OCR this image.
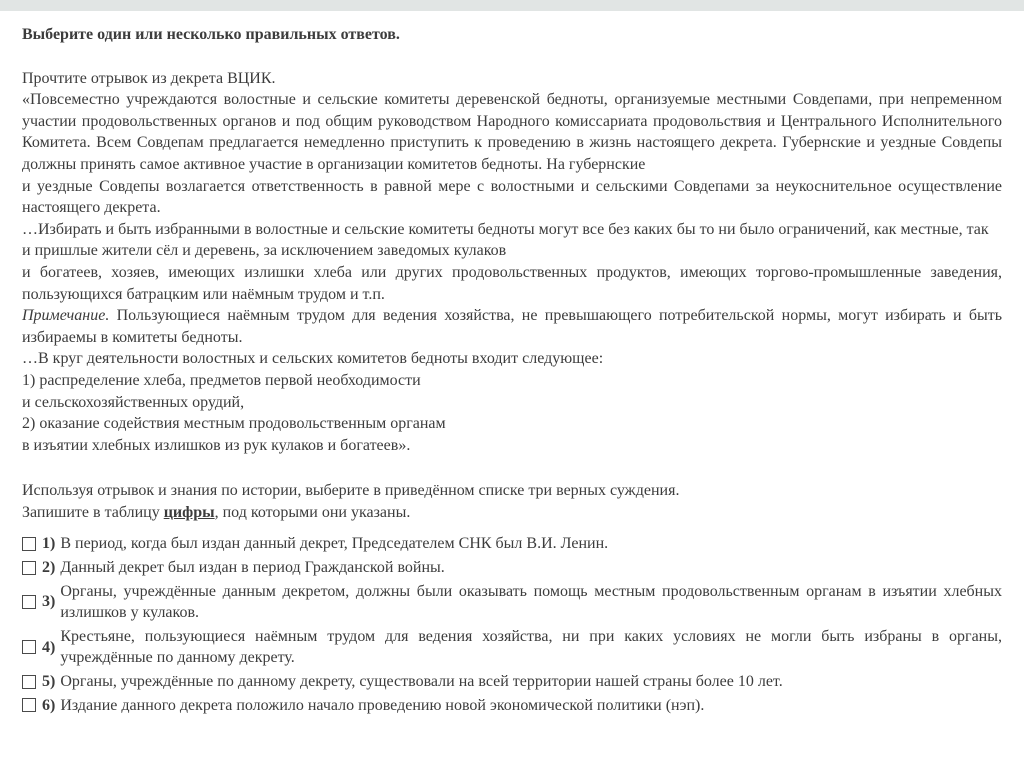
Выберите один или несколько правильных ответов.

Прочтите отрывок из декрета ВЦИК.

«Повсеместно учреждаются волостные и сельские комитеты деревенской бедноты, организуемые местными Совдепами, при непременном участии продовольственных органов и под общим руководством Народного комиссариата продовольствия и Центрального Исполнительного Комитета. Всем Совдепам предлагается немедленно приступить к проведению в жизнь настоящего декрета. Губернские и уездные Совдепы должны принять самое активное участие в организации комитетов бедноты. На губернские

и уездные Совдепы возлагается ответственность в равной мере с волостными и сельскими Совдепами за неукоснительное осуществление настоящего декрета.

…Избирать и быть избранными в волостные и сельские комитеты бедноты могут все без каких бы то ни было ограничений, как местные, так

и пришлые жители сёл и деревень, за исключением заведомых кулаков

и богатеев, хозяев, имеющих излишки хлеба или других продовольственных продуктов, имеющих торгово-промышленные заведения, пользующихся батрацким или наёмным трудом и т.п.

Примечание. Пользующиеся наёмным трудом для ведения хозяйства, не превышающего потребительской нормы, могут избирать и быть избираемы в комитеты бедноты.

…В круг деятельности волостных и сельских комитетов бедноты входит следующее:

1) распределение хлеба, предметов первой необходимости

и сельскохозяйственных орудий,

2) оказание содействия местным продовольственным органам

в изъятии хлебных излишков из рук кулаков и богатеев».

Используя отрывок и знания по истории, выберите в приведённом списке три верных суждения.

Запишите в таблицу цифры, под которыми они указаны.

1) В период, когда был издан данный декрет, Председателем СНК был В.И. Ленин.
2) Данный декрет был издан в период Гражданской войны.
3)
Органы, учреждённые данным декретом, должны были оказывать помощь местным продовольственным органам в изъятии хлебных излишков у кулаков.
4)
Крестьяне, пользующиеся наёмным трудом для ведения хозяйства, ни при каких условиях не могли быть избраны в органы, учреждённые по данному декрету.
5) Органы, учреждённые по данному декрету, существовали на всей территории нашей страны более 10 лет.
6) Издание данного декрета положило начало проведению новой экономической политики (нэп).
